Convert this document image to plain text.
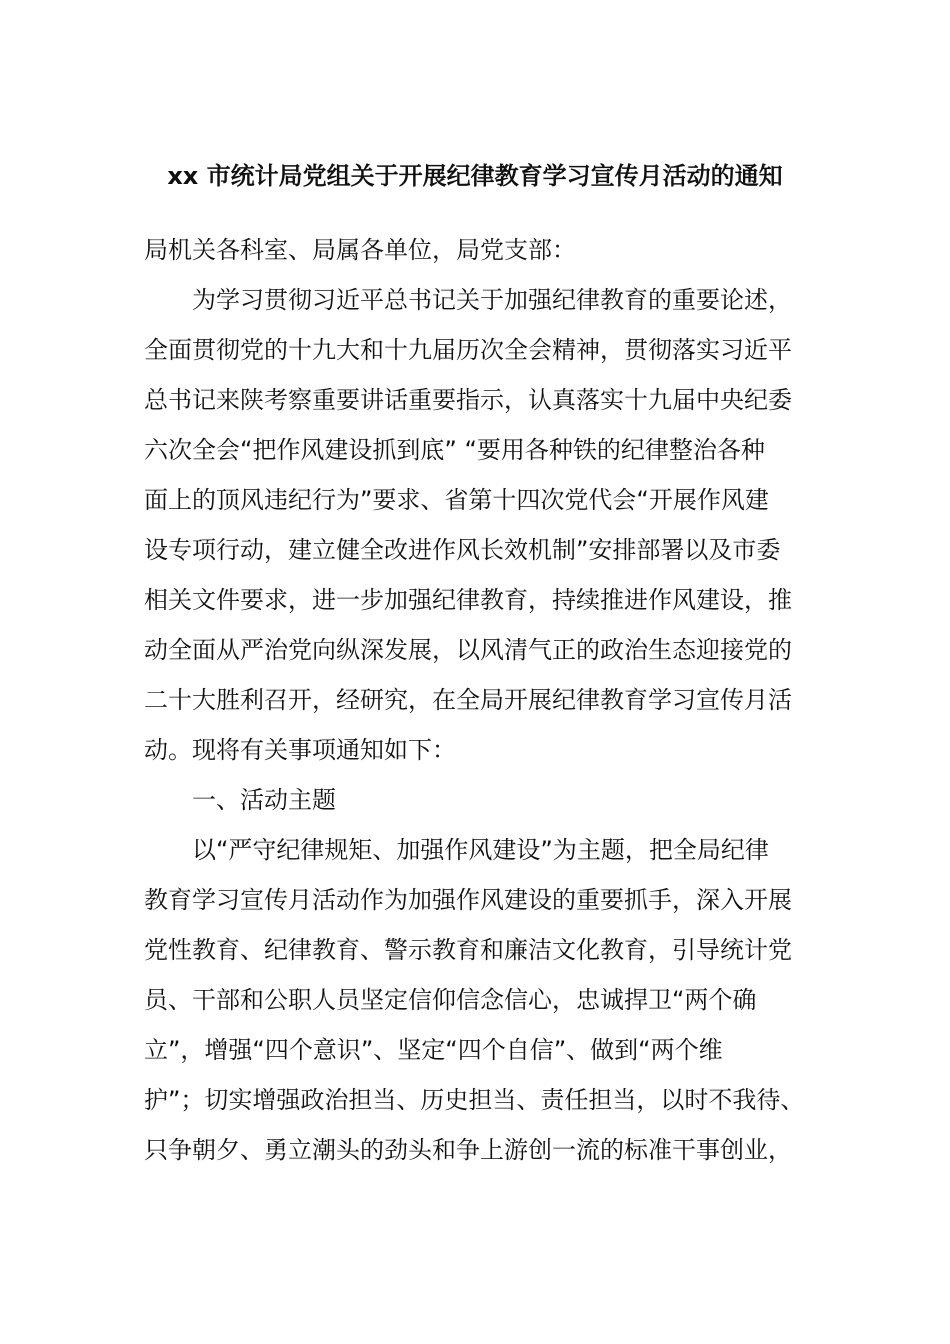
xx 市统计局党组关于开展纪律教育学习宣传月活动的通知

局机关各科室、局属各单位，局党支部：

　　为学习贯彻习近平总书记关于加强纪律教育的重要论述，

全面贯彻党的十九大和十九届历次全会精神，贯彻落实习近平

总书记来陕考察重要讲话重要指示，认真落实十九届中央纪委

六次全会“把作风建设抓到底” “要用各种铁的纪律整治各种

面上的顶风违纪行为”要求、省第十四次党代会“开展作风建

设专项行动，建立健全改进作风长效机制”安排部署以及市委

相关文件要求，进一步加强纪律教育，持续推进作风建设，推

动全面从严治党向纵深发展，以风清气正的政治生态迎接党的

二十大胜利召开，经研究，在全局开展纪律教育学习宣传月活

动。现将有关事项通知如下：

　　一、活动主题

　　以“严守纪律规矩、加强作风建设”为主题，把全局纪律

教育学习宣传月活动作为加强作风建设的重要抓手，深入开展

党性教育、纪律教育、警示教育和廉洁文化教育，引导统计党

员、干部和公职人员坚定信仰信念信心，忠诚捍卫“两个确

立”，增强“四个意识”、坚定“四个自信”、做到“两个维

护”；切实增强政治担当、历史担当、责任担当，以时不我待、

只争朝夕、勇立潮头的劲头和争上游创一流的标准干事创业，
